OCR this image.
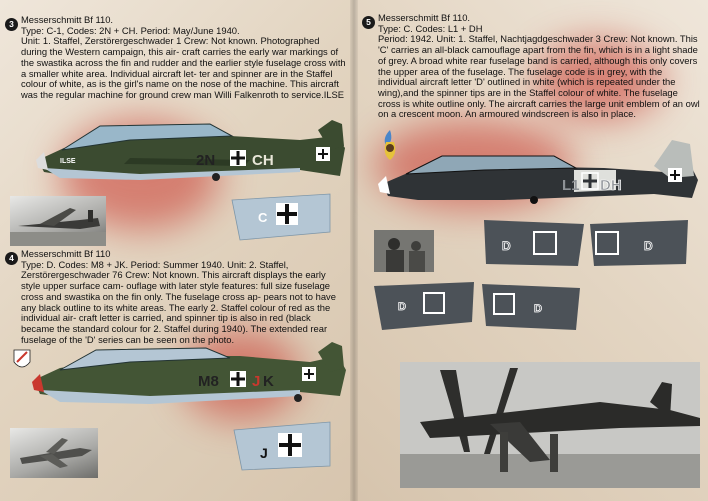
3 Messerschmitt Bf 110.
Type: C-1, Codes: 2N + CH. Period: May/June 1940.
Unit: 1. Staffel, Zerstörergeschwader 1 Crew: Not known. Photographed during the Western campaign, this air- craft carries the early war markings of the swastika across the fin and rudder and the earlier style fuselage cross with a smaller white area. Individual aircraft let- ter and spinner are in the Staffel colour of white, as is the girl's name on the nose of the machine. This aircraft was the regular machine for ground crew man Willi Falkenroth to service.ILSE
4 Messerschmitt Bf 110
Type: D. Codes: M8 + JK. Period: Summer 1940. Unit: 2. Staffel, Zerstörergeschwader 76 Crew: Not known. This aircraft displays the early style upper surface cam- ouflage with later style features: full size fuselage cross and swastika on the fin only. The fuselage cross ap- pears not to have any black outline to its white areas. The early 2. Staffel colour of red as the individual air- craft letter is carried, and spinner tip is also in red (black became the standard colour for 2. Staffel during 1940). The extended rear fuselage of the 'D' series can be seen on the photo.
ILSE	2N CH
C
M8 J K
J
5 Messerschmitt Bf 110.
Type: C. Codes: L1 + DH
Period: 1942. Unit: 1. Staffel, Nachtjagdgeschwader 3 Crew: Not known. This 'C' carries an all-black camouflage apart from the fin, which is in a light shade of grey. A broad white rear fuselage band is carried, although this only covers the upper area of the fuselage. The fuselage code is in grey, with the individual aircraft letter 'D' outlined in white (which is repeated under the wing),and the spinner tips are in the Staffel colour of white. The fuselage cross is white outline only. The aircraft carries the large unit emblem of an owl on a crescent moon. An armoured windscreen is also in place.
L1 DH
D	D
D	D
